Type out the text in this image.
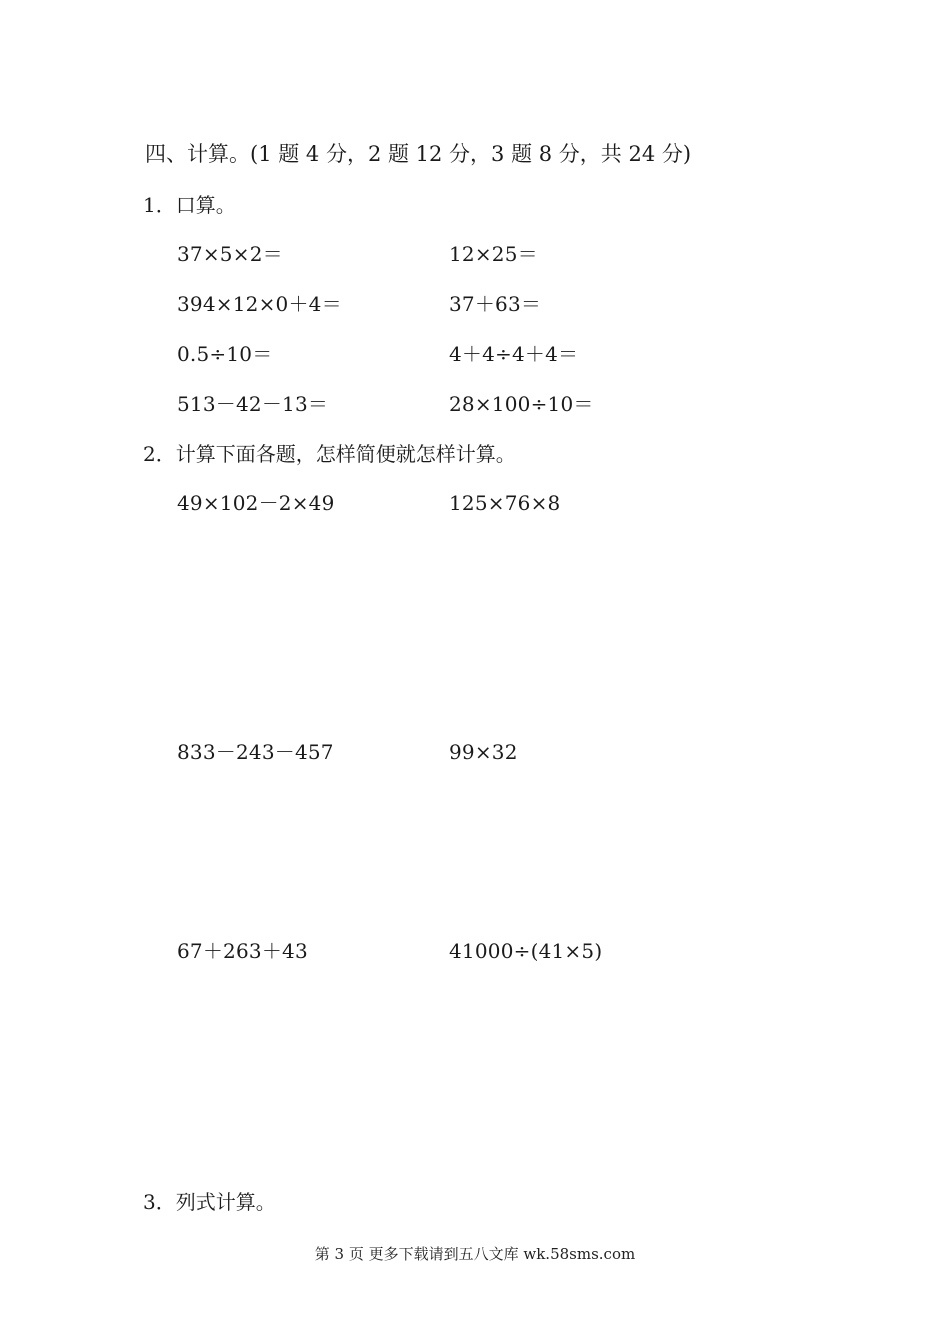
四、计算。(1 题 4 分，2 题 12 分，3 题 8 分，共 24 分)
1．口算。
37×5×2＝	12×25＝
394×12×0＋4＝	37＋63＝
0.5÷10＝	4＋4÷4＋4＝
513－42－13＝	28×100÷10＝
2．计算下面各题，怎样简便就怎样计算。
49×102－2×49	125×76×8
833－243－457	99×32
67＋263＋43	41000÷(41×5)
3．列式计算。
第 3 页 更多下载请到五八文库 wk.58sms.com
